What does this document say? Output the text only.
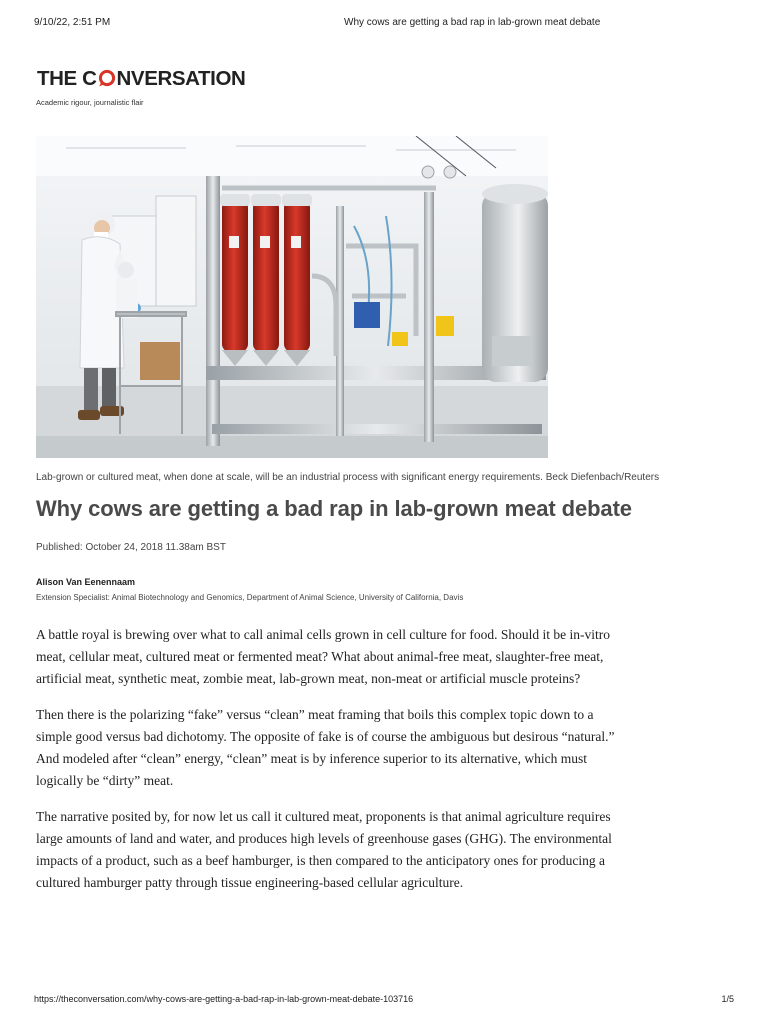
9/10/22, 2:51 PM	Why cows are getting a bad rap in lab-grown meat debate
THE C NVERSATION
Academic rigour, journalistic flair
Lab-grown or cultured meat, when done at scale, will be an industrial process with significant energy requirements. Beck Diefenbach/Reuters
Why cows are getting a bad rap in lab-grown meat debate
Published: October 24, 2018 11.38am BST
Alison Van Eenennaam
Extension Specialist: Animal Biotechnology and Genomics, Department of Animal Science, University of California, Davis

A battle royal is brewing over what to call animal cells grown in cell culture for food. Should it be in-vitro meat, cellular meat, cultured meat or fermented meat? What about animal-free meat, slaughter-free meat, artificial meat, synthetic meat, zombie meat, lab-grown meat, non-meat or artificial muscle proteins?

Then there is the polarizing “fake” versus “clean” meat framing that boils this complex topic down to a simple good versus bad dichotomy. The opposite of fake is of course the ambiguous but desirous “natural.” And modeled after “clean” energy, “clean” meat is by inference superior to its alternative, which must logically be “dirty” meat.

The narrative posited by, for now let us call it cultured meat, proponents is that animal agriculture requires large amounts of land and water, and produces high levels of greenhouse gases (GHG). The environmental impacts of a product, such as a beef hamburger, is then compared to the anticipatory ones for producing a cultured hamburger patty through tissue engineering-based cellular agriculture.

https://theconversation.com/why-cows-are-getting-a-bad-rap-in-lab-grown-meat-debate-103716	1/5
